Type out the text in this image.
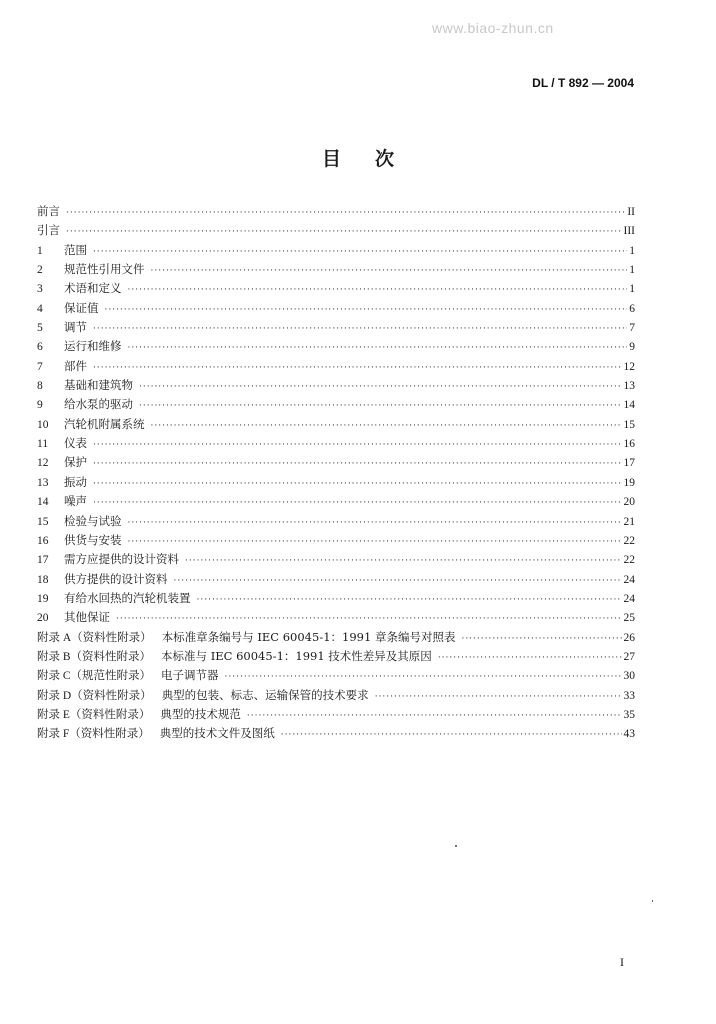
www.biao-zhun.cn
DL / T 892 — 2004
目次
前言 ·····	II
引言 ·····	III
1	范围 ·····	1
2	规范性引用文件 ·····	1
3	术语和定义 ·····	1
4	保证值 ·····	6
5	调节 ·····	7
6	运行和维修 ·····	9
7	部件 ·····	12
8	基础和建筑物 ·····	13
9	给水泵的驱动 ·····	14
10	汽轮机附属系统 ·····	15
11	仪表 ·····	16
12	保护 ·····	17
13	振动 ·····	19
14	噪声 ·····	20
15	检验与试验 ·····	21
16	供货与安装 ·····	22
17	需方应提供的设计资料 ·····	22
18	供方提供的设计资料 ·····	24
19	有给水回热的汽轮机装置 ·····	24
20	其他保证 ·····	25
附录 A（资料性附录） 本标准章条编号与 IEC 60045-1：1991 章条编号对照表 ·····	26
附录 B（资料性附录） 本标准与 IEC 60045-1：1991 技术性差异及其原因 ·····	27
附录 C（规范性附录） 电子调节器 ·····	30
附录 D（资料性附录） 典型的包装、标志、运输保管的技术要求 ·····	33
附录 E（资料性附录） 典型的技术规范 ·····	35
附录 F（资料性附录） 典型的技术文件及图纸 ·····	43
I
